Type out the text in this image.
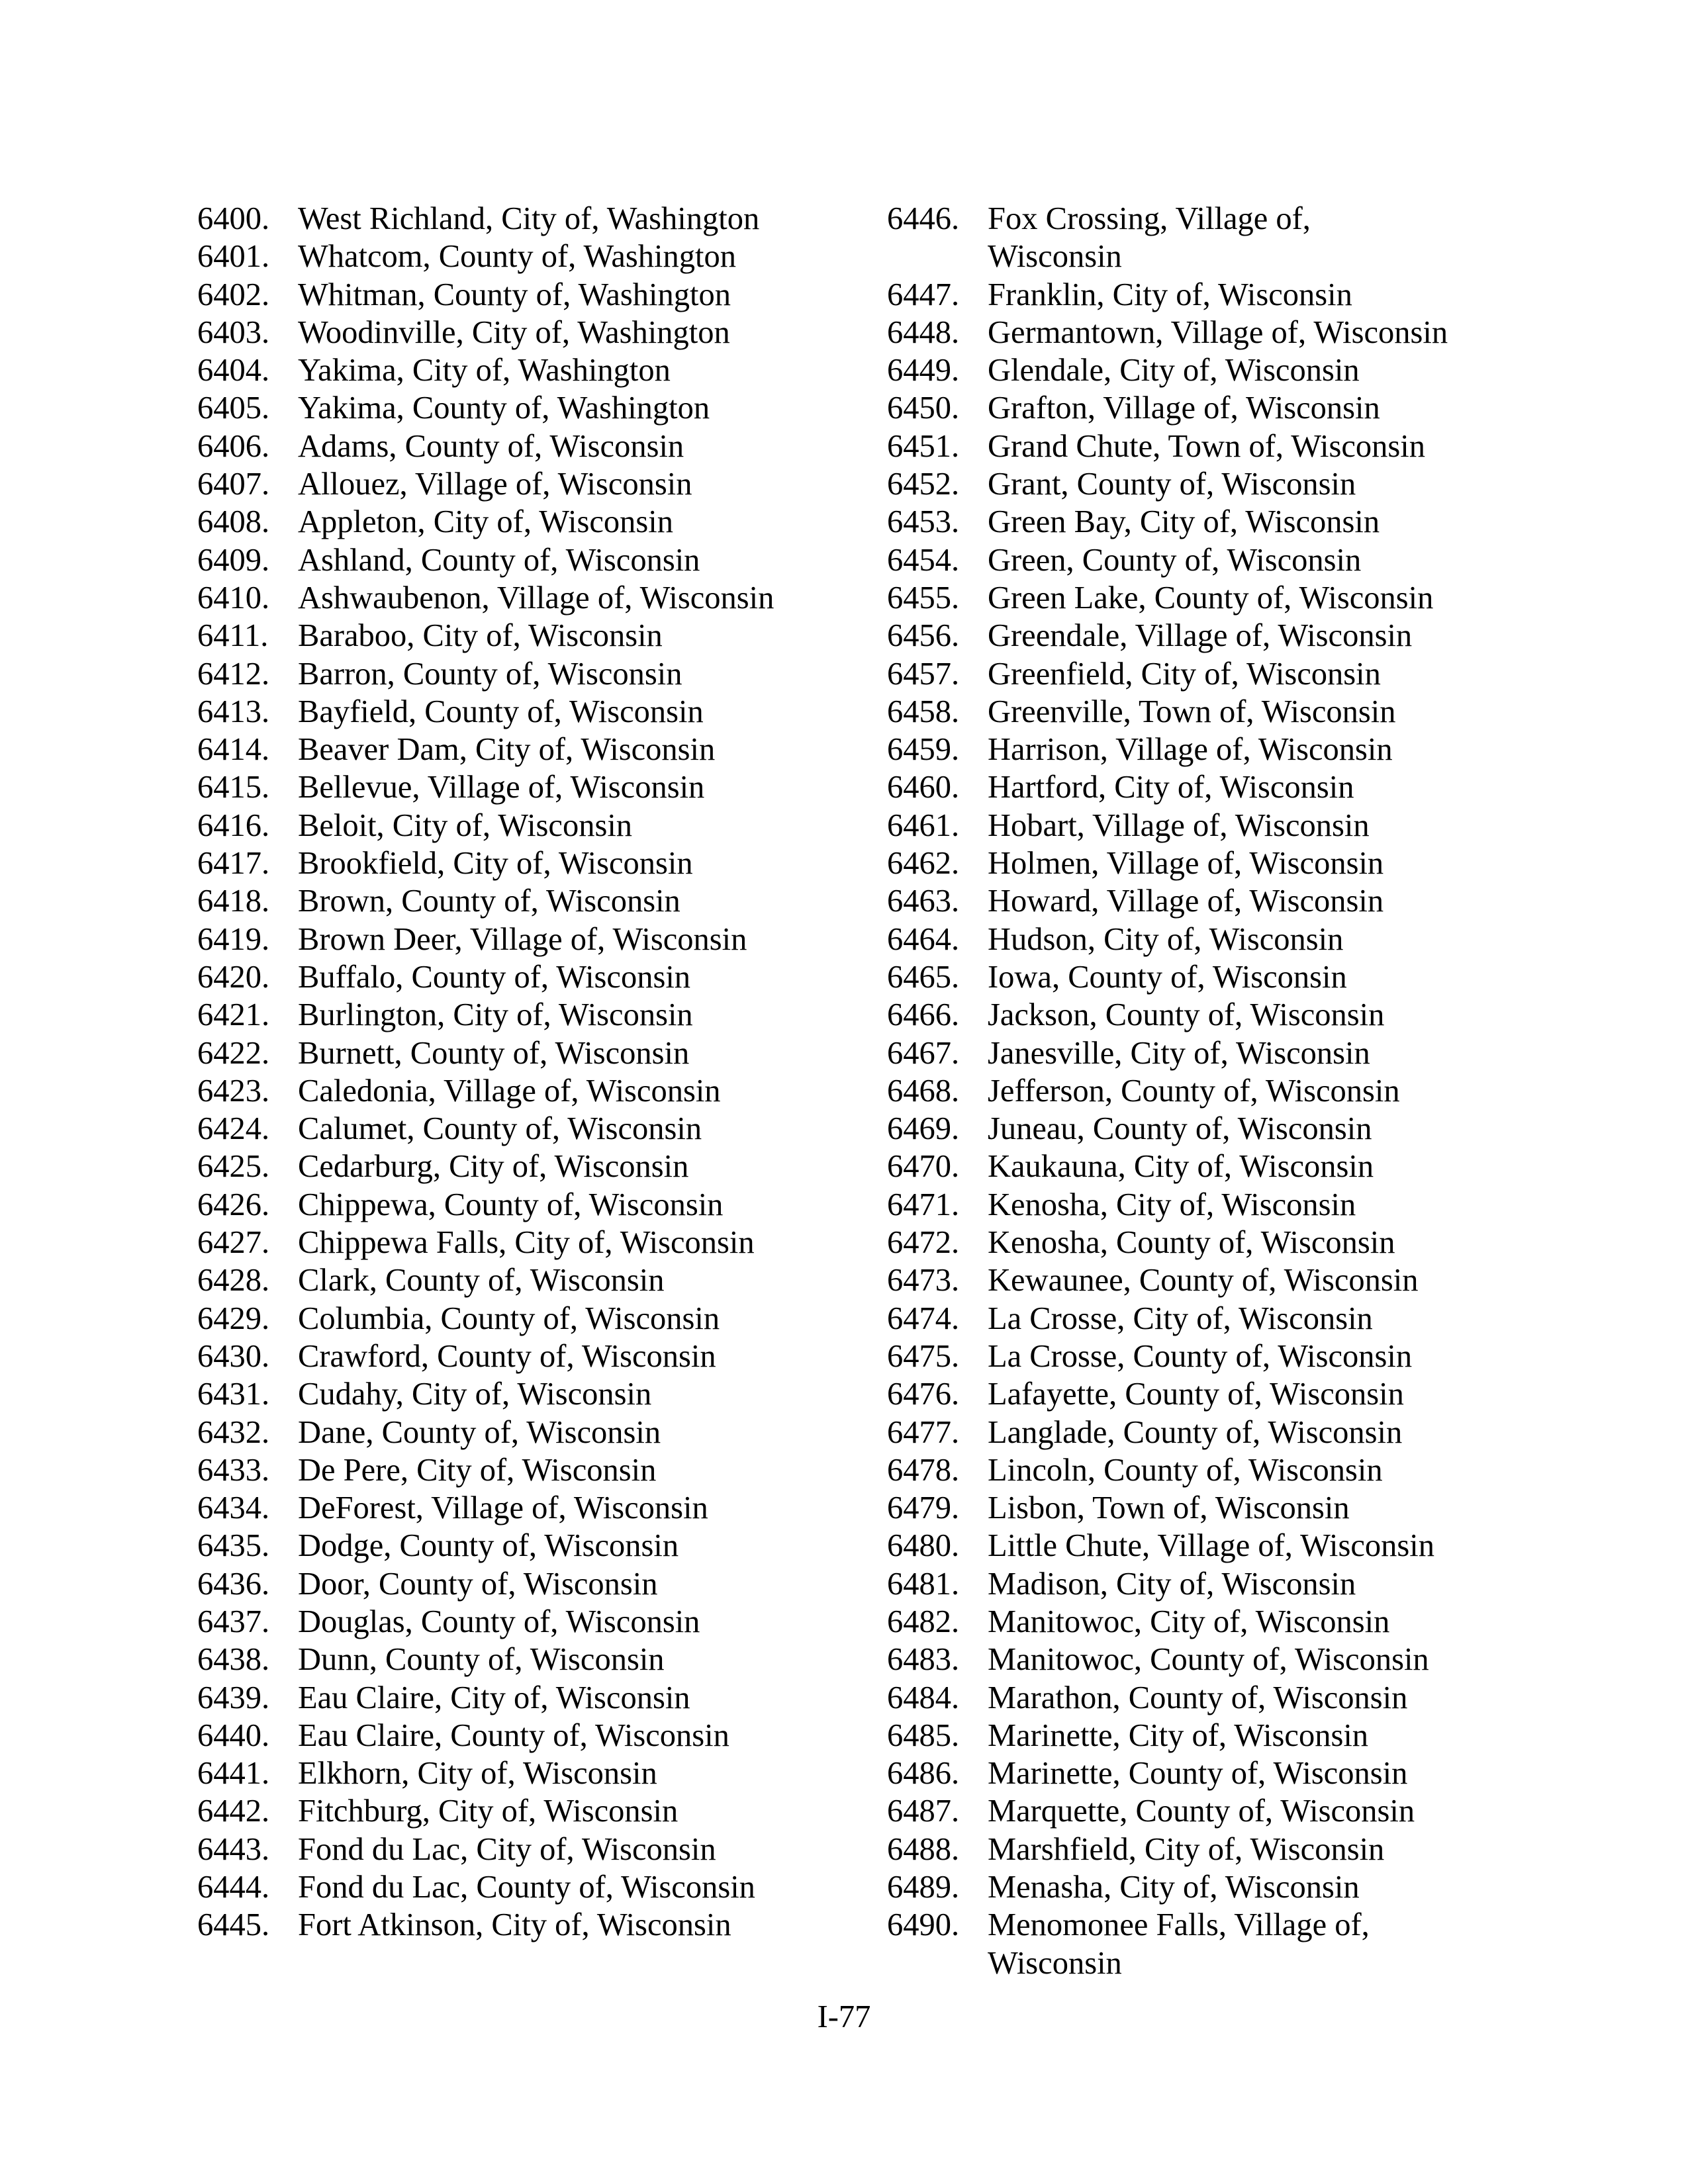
6400. West Richland, City of, Washington
6401. Whatcom, County of, Washington
6402. Whitman, County of, Washington
6403. Woodinville, City of, Washington
6404. Yakima, City of, Washington
6405. Yakima, County of, Washington
6406. Adams, County of, Wisconsin
6407. Allouez, Village of, Wisconsin
6408. Appleton, City of, Wisconsin
6409. Ashland, County of, Wisconsin
6410. Ashwaubenon, Village of, Wisconsin
6411. Baraboo, City of, Wisconsin
6412. Barron, County of, Wisconsin
6413. Bayfield, County of, Wisconsin
6414. Beaver Dam, City of, Wisconsin
6415. Bellevue, Village of, Wisconsin
6416. Beloit, City of, Wisconsin
6417. Brookfield, City of, Wisconsin
6418. Brown, County of, Wisconsin
6419. Brown Deer, Village of, Wisconsin
6420. Buffalo, County of, Wisconsin
6421. Burlington, City of, Wisconsin
6422. Burnett, County of, Wisconsin
6423. Caledonia, Village of, Wisconsin
6424. Calumet, County of, Wisconsin
6425. Cedarburg, City of, Wisconsin
6426. Chippewa, County of, Wisconsin
6427. Chippewa Falls, City of, Wisconsin
6428. Clark, County of, Wisconsin
6429. Columbia, County of, Wisconsin
6430. Crawford, County of, Wisconsin
6431. Cudahy, City of, Wisconsin
6432. Dane, County of, Wisconsin
6433. De Pere, City of, Wisconsin
6434. DeForest, Village of, Wisconsin
6435. Dodge, County of, Wisconsin
6436. Door, County of, Wisconsin
6437. Douglas, County of, Wisconsin
6438. Dunn, County of, Wisconsin
6439. Eau Claire, City of, Wisconsin
6440. Eau Claire, County of, Wisconsin
6441. Elkhorn, City of, Wisconsin
6442. Fitchburg, City of, Wisconsin
6443. Fond du Lac, City of, Wisconsin
6444. Fond du Lac, County of, Wisconsin
6445. Fort Atkinson, City of, Wisconsin
6446. Fox Crossing, Village of, Wisconsin
6447. Franklin, City of, Wisconsin
6448. Germantown, Village of, Wisconsin
6449. Glendale, City of, Wisconsin
6450. Grafton, Village of, Wisconsin
6451. Grand Chute, Town of, Wisconsin
6452. Grant, County of, Wisconsin
6453. Green Bay, City of, Wisconsin
6454. Green, County of, Wisconsin
6455. Green Lake, County of, Wisconsin
6456. Greendale, Village of, Wisconsin
6457. Greenfield, City of, Wisconsin
6458. Greenville, Town of, Wisconsin
6459. Harrison, Village of, Wisconsin
6460. Hartford, City of, Wisconsin
6461. Hobart, Village of, Wisconsin
6462. Holmen, Village of, Wisconsin
6463. Howard, Village of, Wisconsin
6464. Hudson, City of, Wisconsin
6465. Iowa, County of, Wisconsin
6466. Jackson, County of, Wisconsin
6467. Janesville, City of, Wisconsin
6468. Jefferson, County of, Wisconsin
6469. Juneau, County of, Wisconsin
6470. Kaukauna, City of, Wisconsin
6471. Kenosha, City of, Wisconsin
6472. Kenosha, County of, Wisconsin
6473. Kewaunee, County of, Wisconsin
6474. La Crosse, City of, Wisconsin
6475. La Crosse, County of, Wisconsin
6476. Lafayette, County of, Wisconsin
6477. Langlade, County of, Wisconsin
6478. Lincoln, County of, Wisconsin
6479. Lisbon, Town of, Wisconsin
6480. Little Chute, Village of, Wisconsin
6481. Madison, City of, Wisconsin
6482. Manitowoc, City of, Wisconsin
6483. Manitowoc, County of, Wisconsin
6484. Marathon, County of, Wisconsin
6485. Marinette, City of, Wisconsin
6486. Marinette, County of, Wisconsin
6487. Marquette, County of, Wisconsin
6488. Marshfield, City of, Wisconsin
6489. Menasha, City of, Wisconsin
6490. Menomonee Falls, Village of, Wisconsin
I-77
